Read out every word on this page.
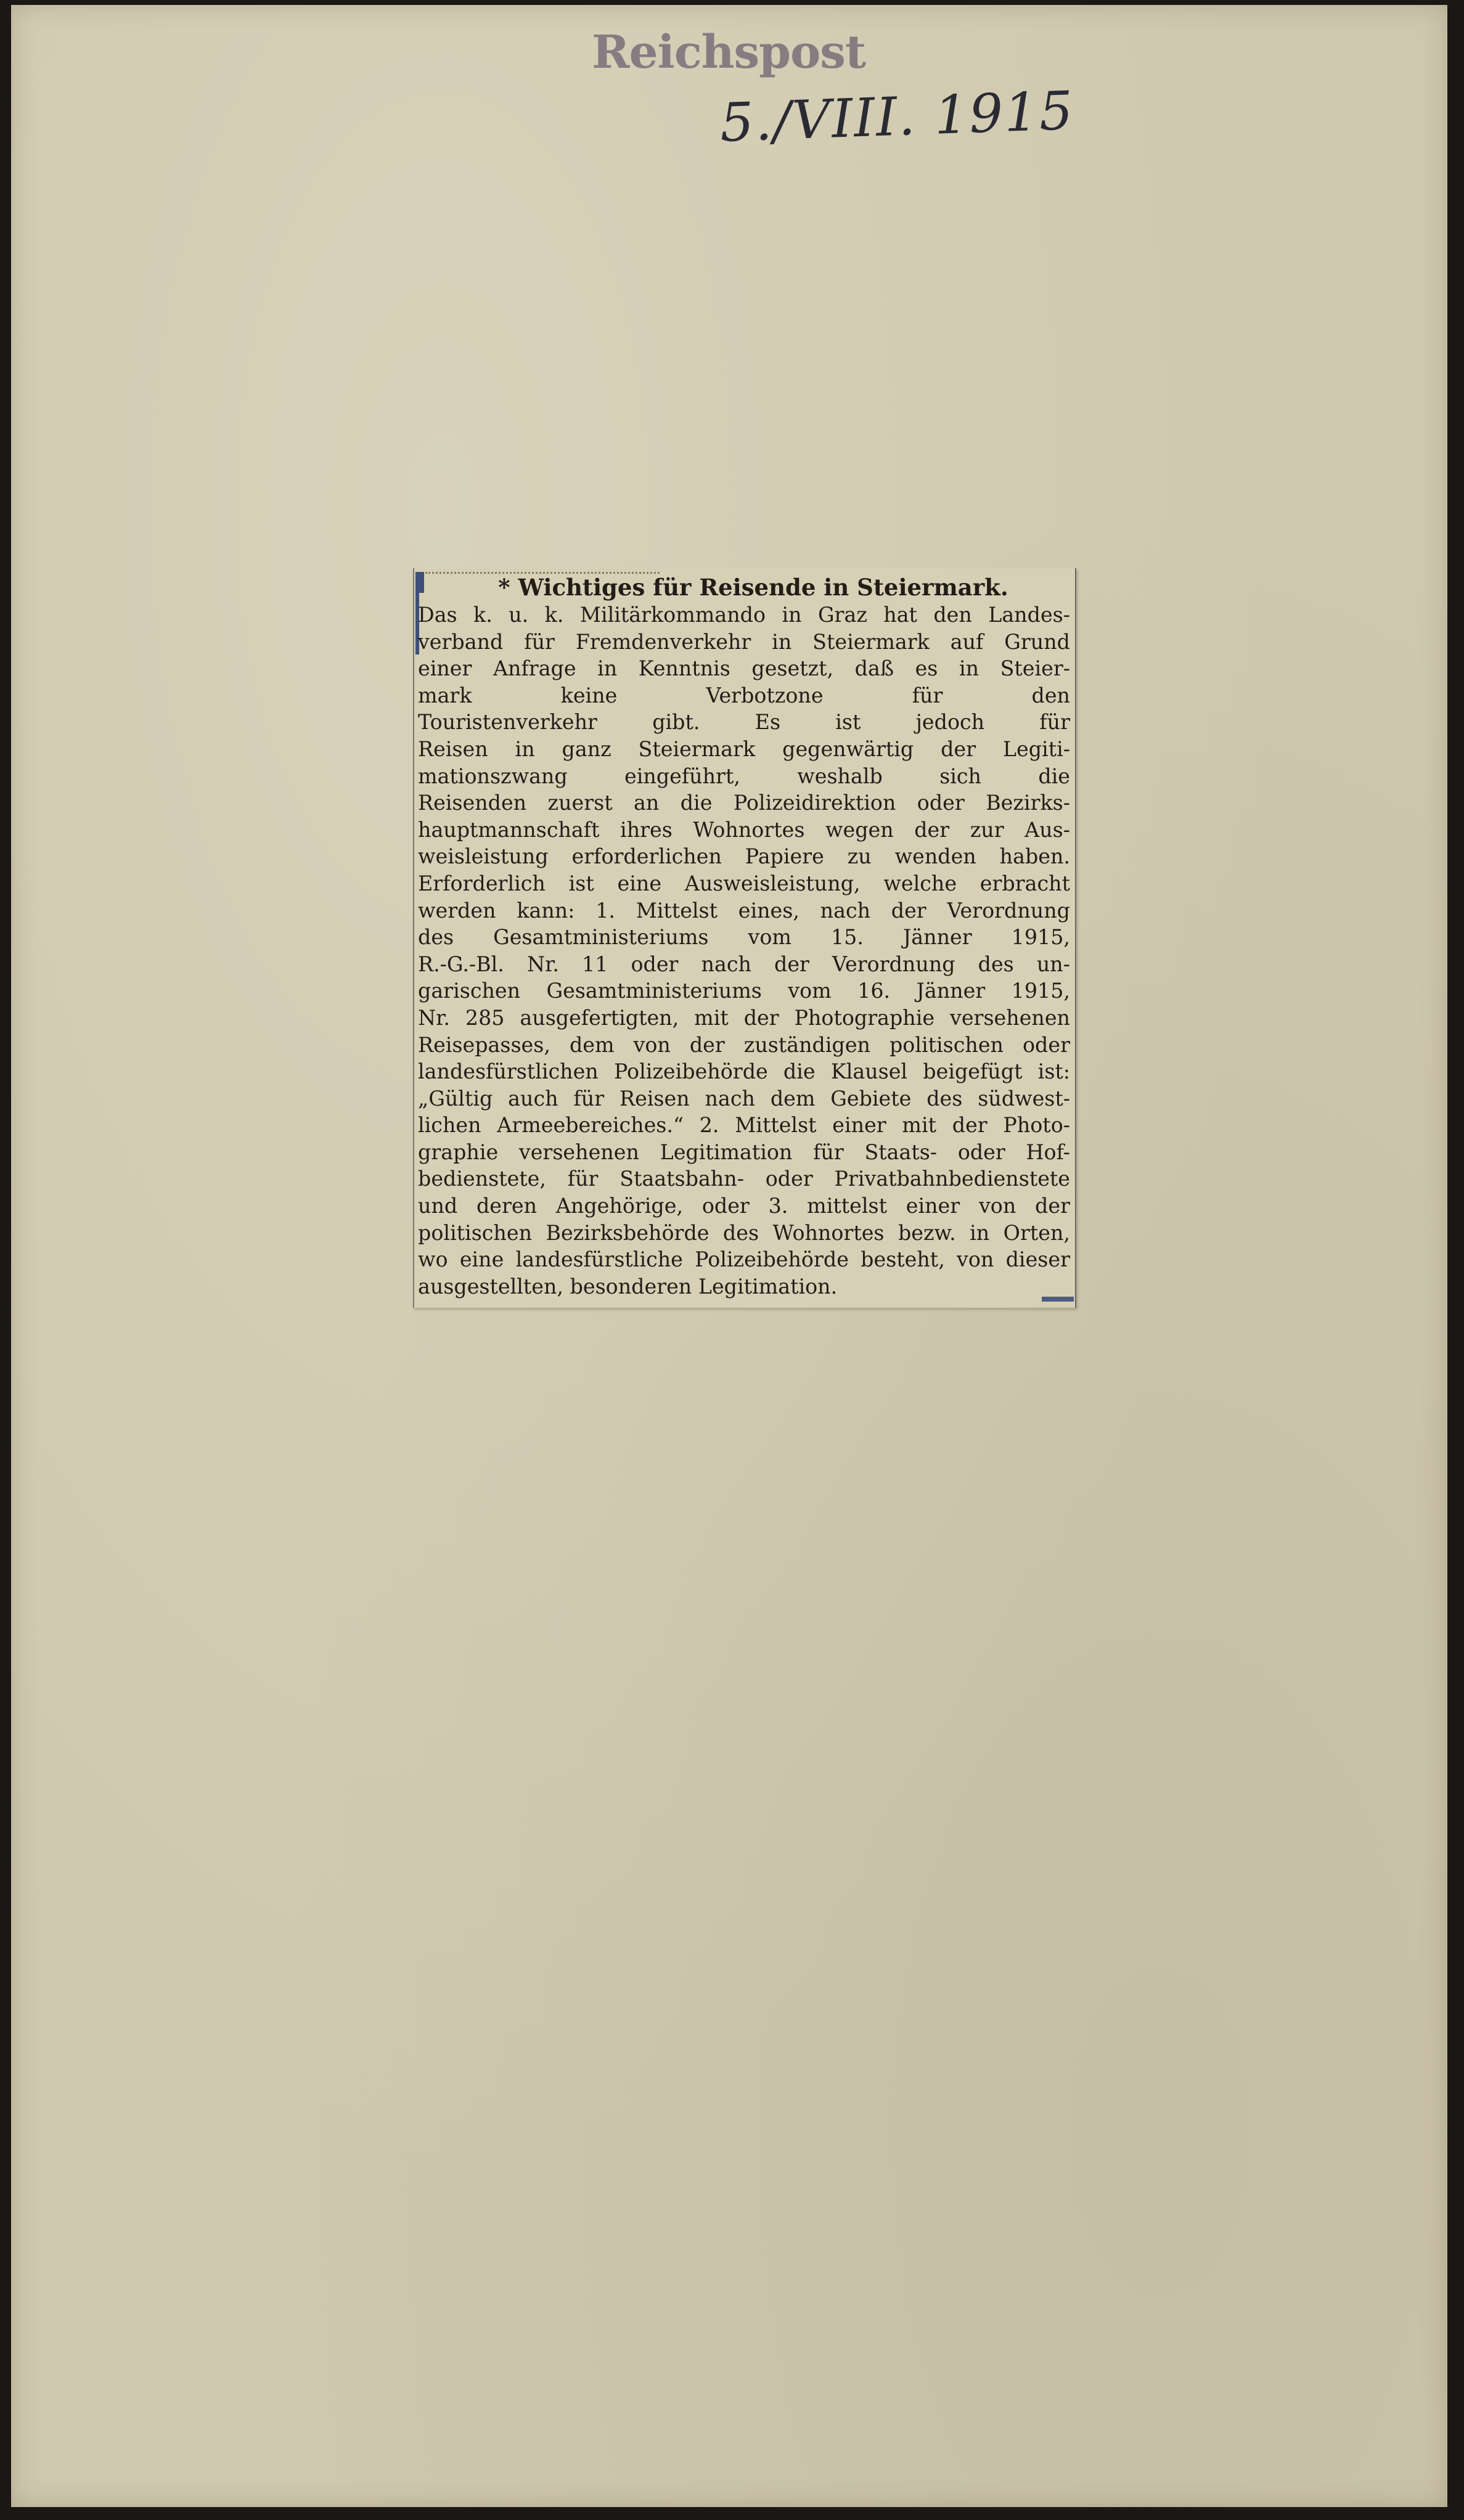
Reichspost
5./VIII. 1915

* Wichtiges für Reisende in Steiermark.

Das k. u. k. Militärkommando in Graz hat den Landes-
verband für Fremdenverkehr in Steiermark auf Grund
einer Anfrage in Kenntnis gesetzt, daß es in Steier-
mark keine Verbotzone für den
Touristenverkehr gibt. Es ist jedoch für
Reisen in ganz Steiermark gegenwärtig der Legiti-
mationszwang eingeführt, weshalb sich die
Reisenden zuerst an die Polizeidirektion oder Bezirks-
hauptmannschaft ihres Wohnortes wegen der zur Aus-
weisleistung erforderlichen Papiere zu wenden haben.
Erforderlich ist eine Ausweisleistung, welche erbracht
werden kann: 1. Mittelst eines, nach der Verordnung
des Gesamtministeriums vom 15. Jänner 1915,
R.-G.-Bl. Nr. 11 oder nach der Verordnung des un-
garischen Gesamtministeriums vom 16. Jänner 1915,
Nr. 285 ausgefertigten, mit der Photographie versehenen
Reisepasses, dem von der zuständigen politischen oder
landesfürstlichen Polizeibehörde die Klausel beigefügt ist:
„Gültig auch für Reisen nach dem Gebiete des südwest-
lichen Armeebereiches.“ 2. Mittelst einer mit der Photo-
graphie versehenen Legitimation für Staats- oder Hof-
bedienstete, für Staatsbahn- oder Privatbahnbedienstete
und deren Angehörige, oder 3. mittelst einer von der
politischen Bezirksbehörde des Wohnortes bezw. in Orten,
wo eine landesfürstliche Polizeibehörde besteht, von dieser
ausgestellten, besonderen Legitimation.
